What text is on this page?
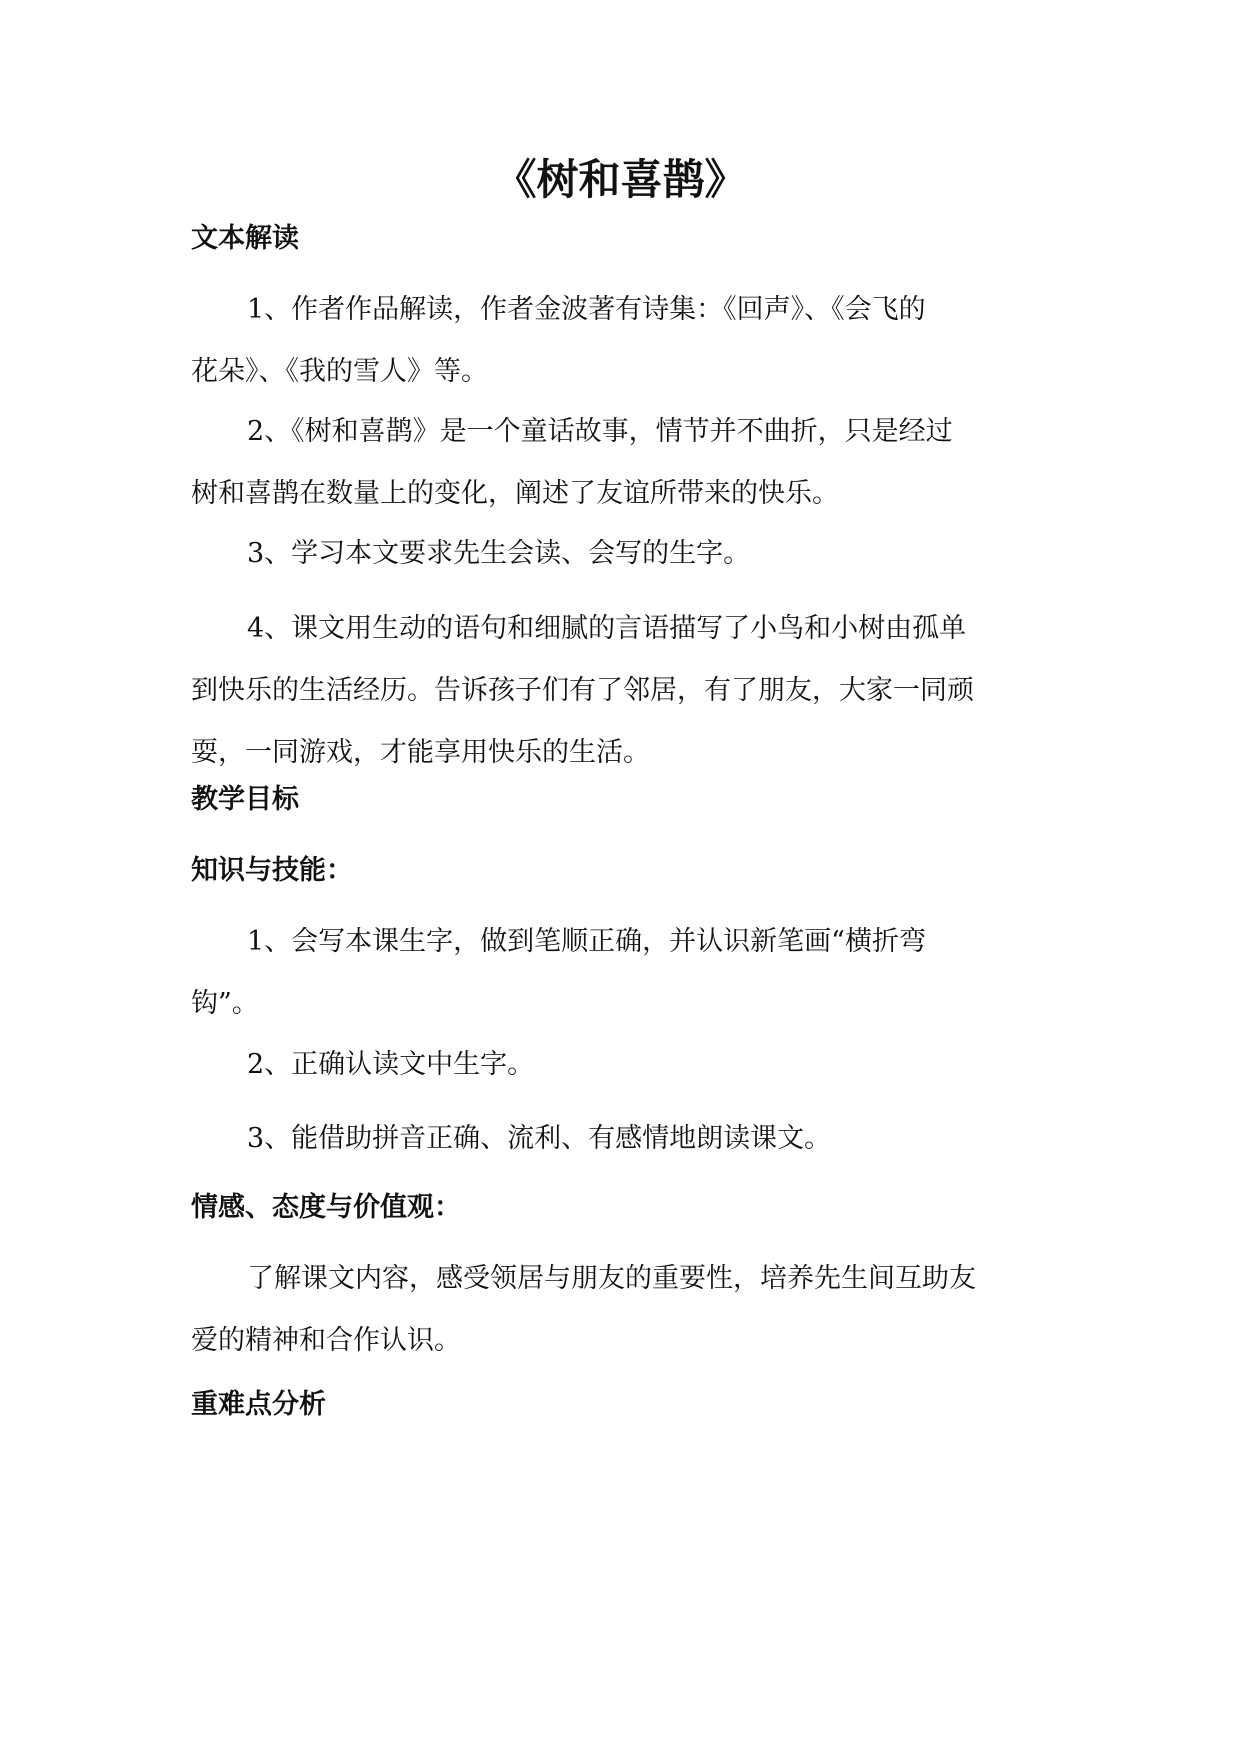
《树和喜鹊》
文本解读

1、作者作品解读，作者金波著有诗集：《回声》、《会飞的
花朵》、《我的雪人》等。

2、《树和喜鹊》是一个童话故事，情节并不曲折，只是经过
树和喜鹊在数量上的变化，阐述了友谊所带来的快乐。

3、学习本文要求先生会读、会写的生字。

4、课文用生动的语句和细腻的言语描写了小鸟和小树由孤单
到快乐的生活经历。告诉孩子们有了邻居，有了朋友，大家一同顽
耍，一同游戏，才能享用快乐的生活。

教学目标
知识与技能：

1、会写本课生字，做到笔顺正确，并认识新笔画“横折弯
钩”。

2、正确认读文中生字。

3、能借助拼音正确、流利、有感情地朗读课文。

情感、态度与价值观：

了解课文内容，感受领居与朋友的重要性，培养先生间互助友
爱的精神和合作认识。

重难点分析
